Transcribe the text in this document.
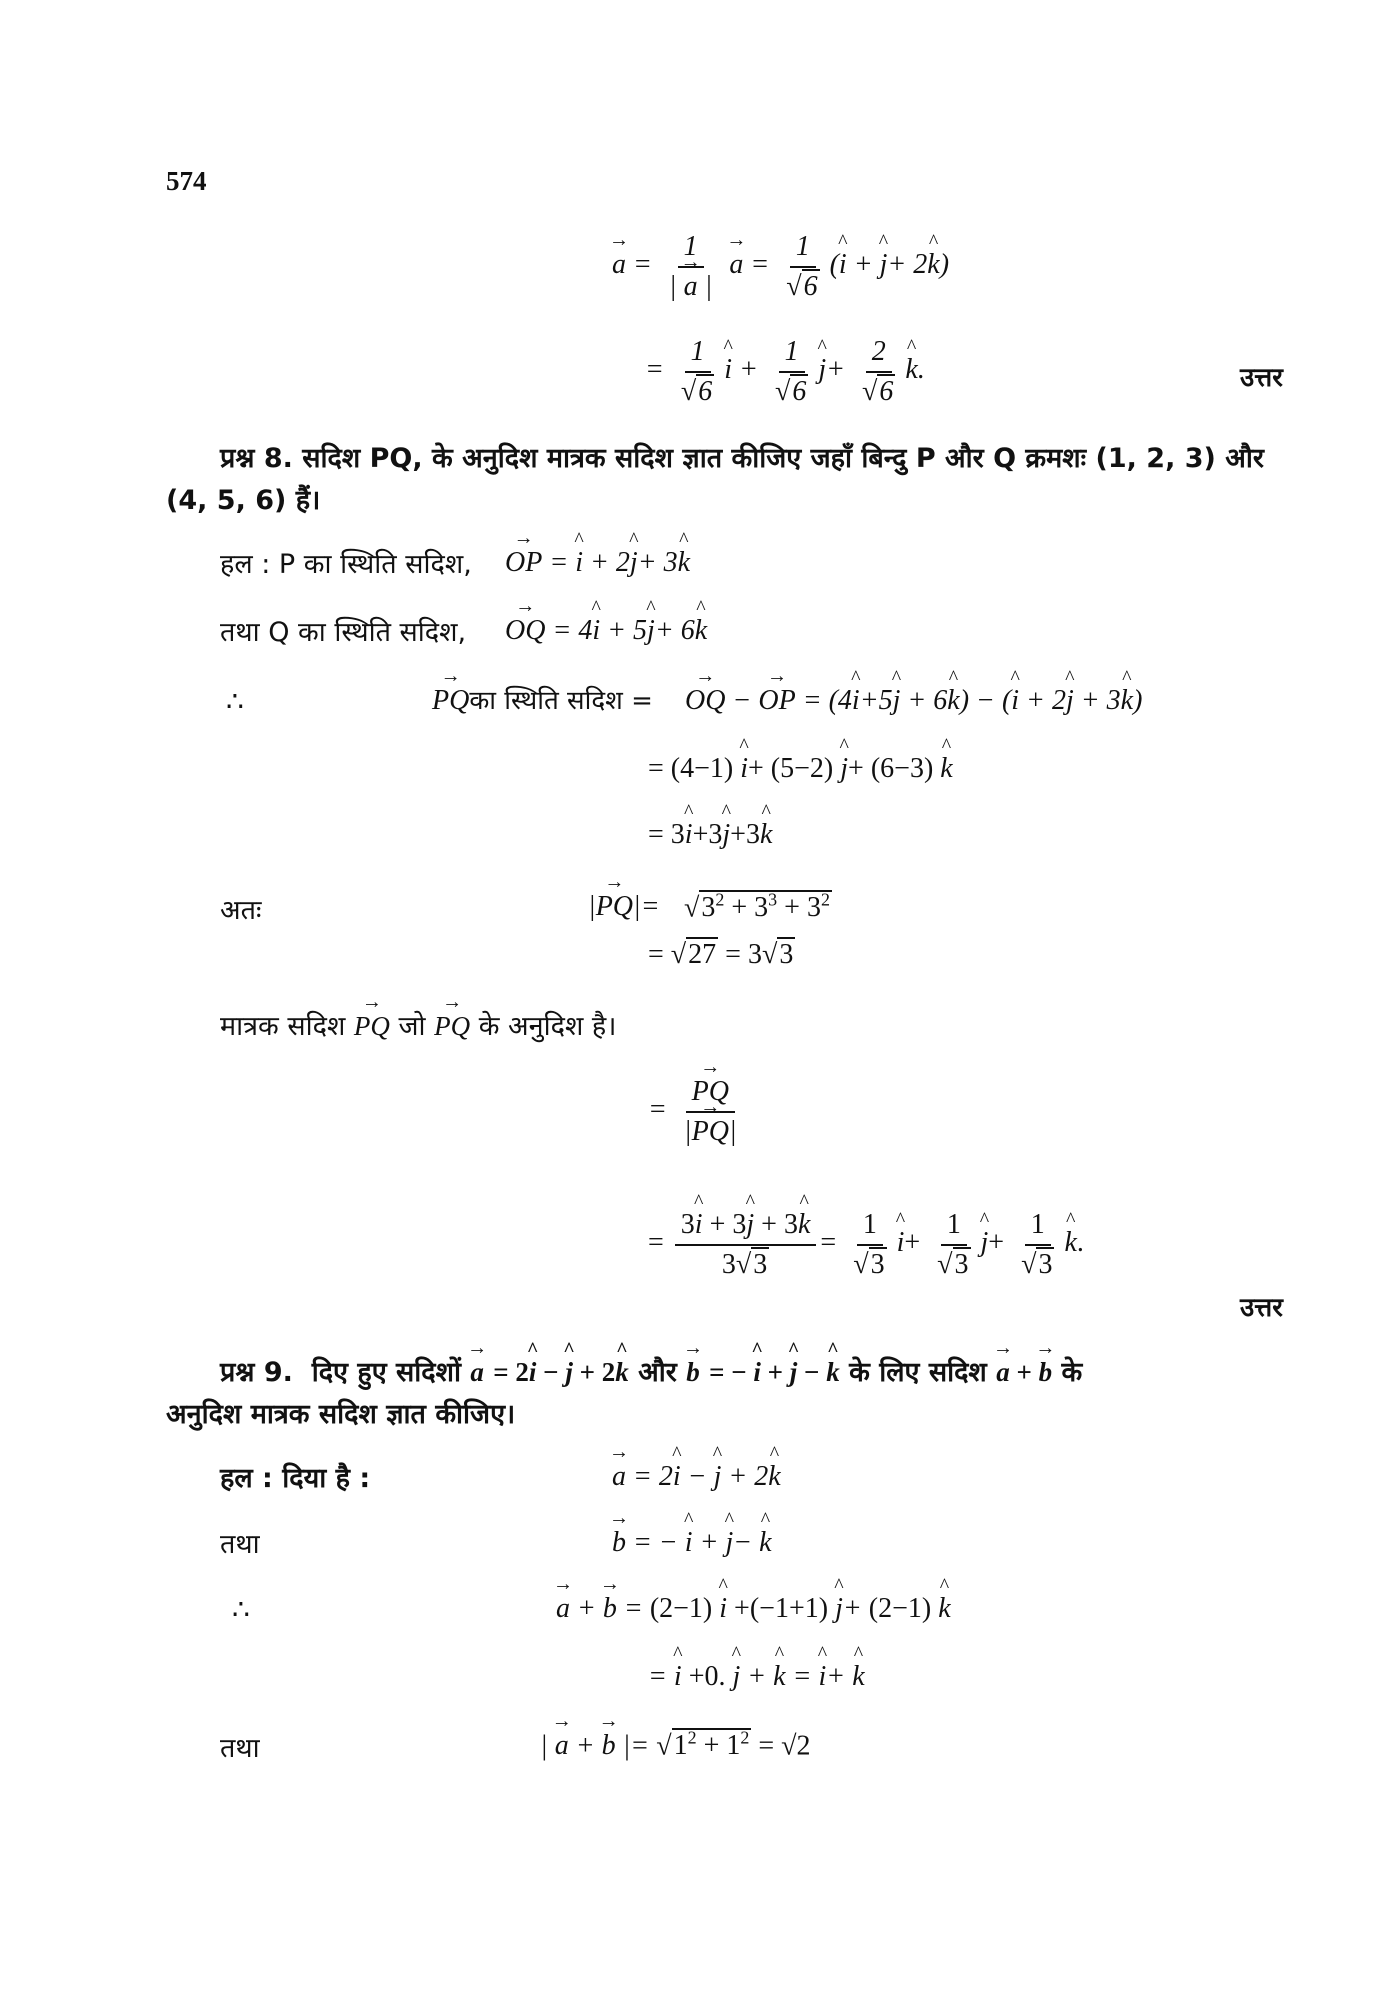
574
→ $a = \frac{1}{| \to a |}$
→ $a = \frac{1}{√6}$ (^ i + ^ j+ 2^ k)
= $\frac{1}{√6}$
^ $i + \frac{1}{√6}$
^ $j+ \frac{2}{√6}$
^ k.	उत्तर
प्रश्न 8. सदिश PQ, के अनुदिश मात्रक सदिश ज्ञात कीजिए जहाँ बिन्दु P और Q क्रमशः (1, 2, 3) और
(4, 5, 6) हैं।
हल : P का स्थिति सदिश,
→ OP = ^ i + 2^ j+ 3^ k
तथा Q का स्थिति सदिश,
→ OQ = 4^ i + 5^ j+ 6^ k
∴
→	PQका स्थिति सदिश =
→ OQ − → OP = (4^ i+5^ j + 6^ k) − (^ i + 2^ j + 3^ k)
= (4−1) ^ i+ (5−2) ^ j+ (6−3) ^ k
= 3^ i+3^ j+3^ k
अतः	|→ $PQ|= √3^2 + 3^3 + 3^2$
= √27 = 3√3
मात्रक सदिश → PQ जो → PQ के अनुदिश है।
=
→ $\frac{PQ}{|\to PQ|}$
= $\frac{3\^{} i + 3\^{} j + 3\^{} k}{3√3} = \frac{1}{√3}$
^ $i+ \frac{1}{√3}$
^ $j+ \frac{1}{√3}$
^ k.
उत्तर
प्रश्न 9.  दिए हुए सदिशों → a = 2^ i − ^ j + 2^ k और → b = − ^ i + ^ j − ^ k के लिए सदिश → a + → b के
अनुदिश मात्रक सदिश ज्ञात कीजिए।
हल : दिया है :
→	a = 2^ i − ^ j + 2^ k
तथा
→	b = − ^ i + ^ j− ^ k
∴
→	a + → b = (2−1) ^ i +(−1+1) ^ j+ (2−1) ^ k
= ^ i +0. ^ j + ^ k = ^ i+ ^ k
तथा	| → a + → b |= $√1^2 + 1^2 = √2$
